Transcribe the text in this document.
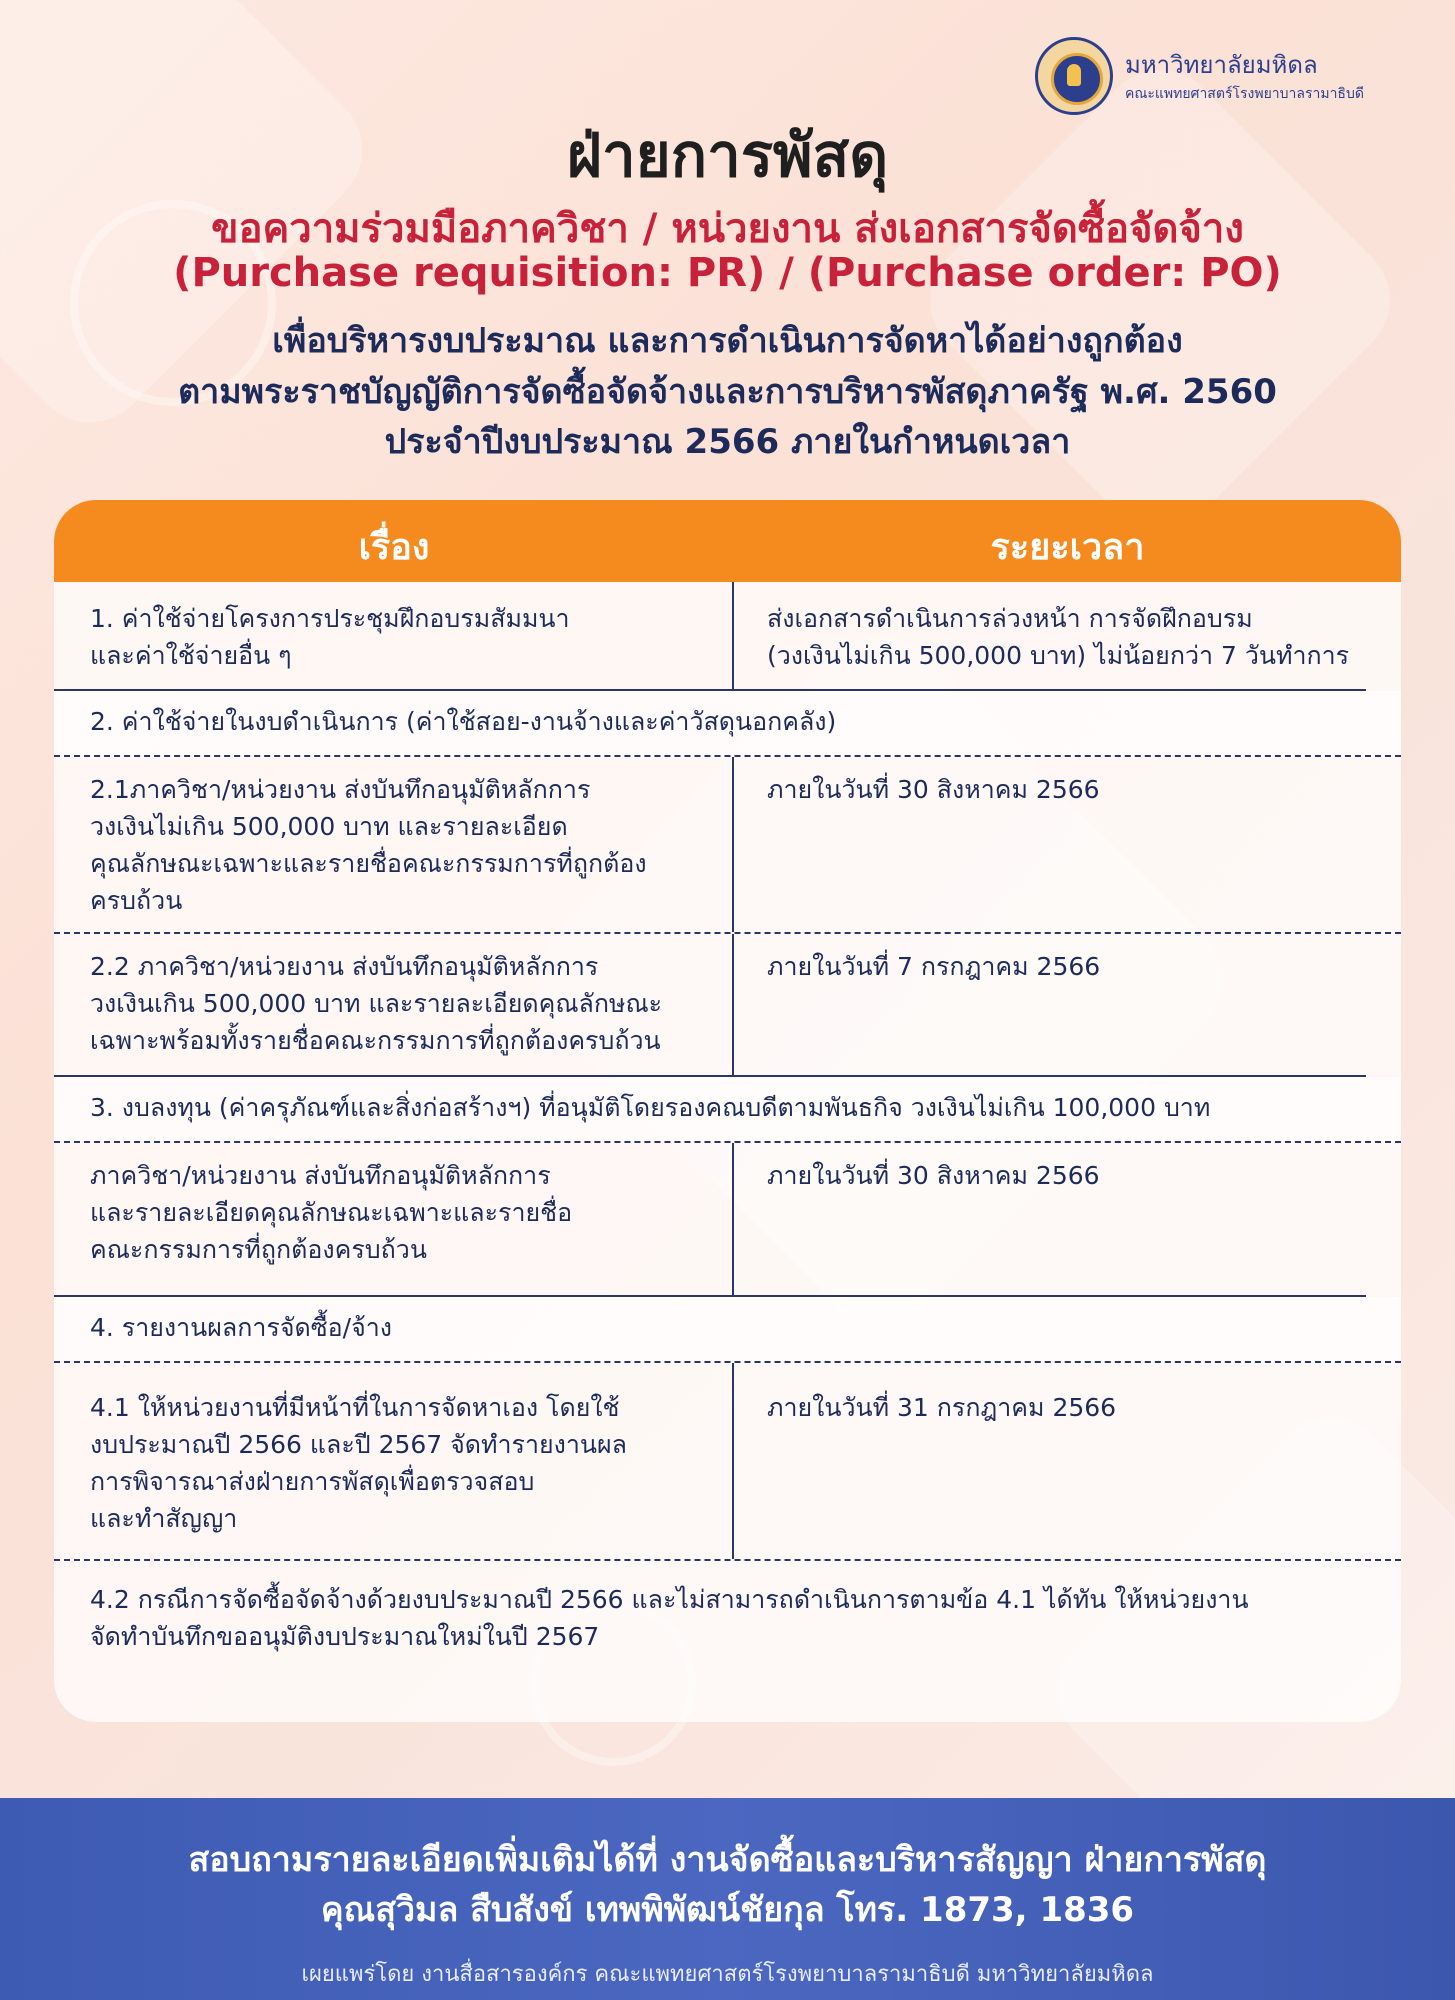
มหาวิทยาลัยมหิดล
คณะแพทยศาสตร์โรงพยาบาลรามาธิบดี
ฝ่ายการพัสดุ
ขอความร่วมมือภาควิชา / หน่วยงาน ส่งเอกสารจัดซื้อจัดจ้าง
(Purchase requisition: PR) / (Purchase order: PO)
เพื่อบริหารงบประมาณ และการดำเนินการจัดหาได้อย่างถูกต้อง
ตามพระราชบัญญัติการจัดซื้อจัดจ้างและการบริหารพัสดุภาครัฐ พ.ศ. 2560
ประจำปีงบประมาณ 2566 ภายในกำหนดเวลา
เรื่อง	ระยะเวลา
1. ค่าใช้จ่ายโครงการประชุมฝึกอบรมสัมมนา
และค่าใช้จ่ายอื่น ๆ
ส่งเอกสารดำเนินการล่วงหน้า การจัดฝึกอบรม
(วงเงินไม่เกิน 500,000 บาท) ไม่น้อยกว่า 7 วันทำการ
2. ค่าใช้จ่ายในงบดำเนินการ (ค่าใช้สอย-งานจ้างและค่าวัสดุนอกคลัง)
2.1ภาควิชา/หน่วยงาน ส่งบันทึกอนุมัติหลักการ
วงเงินไม่เกิน 500,000 บาท และรายละเอียด
คุณลักษณะเฉพาะและรายชื่อคณะกรรมการที่ถูกต้อง
ครบถ้วน
ภายในวันที่ 30 สิงหาคม 2566
2.2 ภาควิชา/หน่วยงาน ส่งบันทึกอนุมัติหลักการ
วงเงินเกิน 500,000 บาท และรายละเอียดคุณลักษณะ
เฉพาะพร้อมทั้งรายชื่อคณะกรรมการที่ถูกต้องครบถ้วน
ภายในวันที่ 7 กรกฎาคม 2566
3. งบลงทุน (ค่าครุภัณฑ์และสิ่งก่อสร้างฯ) ที่อนุมัติโดยรองคณบดีตามพันธกิจ วงเงินไม่เกิน 100,000 บาท
ภาควิชา/หน่วยงาน ส่งบันทึกอนุมัติหลักการ
และรายละเอียดคุณลักษณะเฉพาะและรายชื่อ
คณะกรรมการที่ถูกต้องครบถ้วน
ภายในวันที่ 30 สิงหาคม 2566
4. รายงานผลการจัดซื้อ/จ้าง
4.1 ให้หน่วยงานที่มีหน้าที่ในการจัดหาเอง โดยใช้
งบประมาณปี 2566 และปี 2567 จัดทำรายงานผล
การพิจารณาส่งฝ่ายการพัสดุเพื่อตรวจสอบ
และทำสัญญา
ภายในวันที่ 31 กรกฎาคม 2566
4.2 กรณีการจัดซื้อจัดจ้างด้วยงบประมาณปี 2566 และไม่สามารถดำเนินการตามข้อ 4.1 ได้ทัน ให้หน่วยงาน
จัดทำบันทึกขออนุมัติงบประมาณใหม่ในปี 2567
สอบถามรายละเอียดเพิ่มเติมได้ที่ งานจัดซื้อและบริหารสัญญา ฝ่ายการพัสดุ
คุณสุวิมล สืบสังข์ เทพพิพัฒน์ชัยกุล โทร. 1873, 1836
เผยแพร่โดย งานสื่อสารองค์กร คณะแพทยศาสตร์โรงพยาบาลรามาธิบดี มหาวิทยาลัยมหิดล
